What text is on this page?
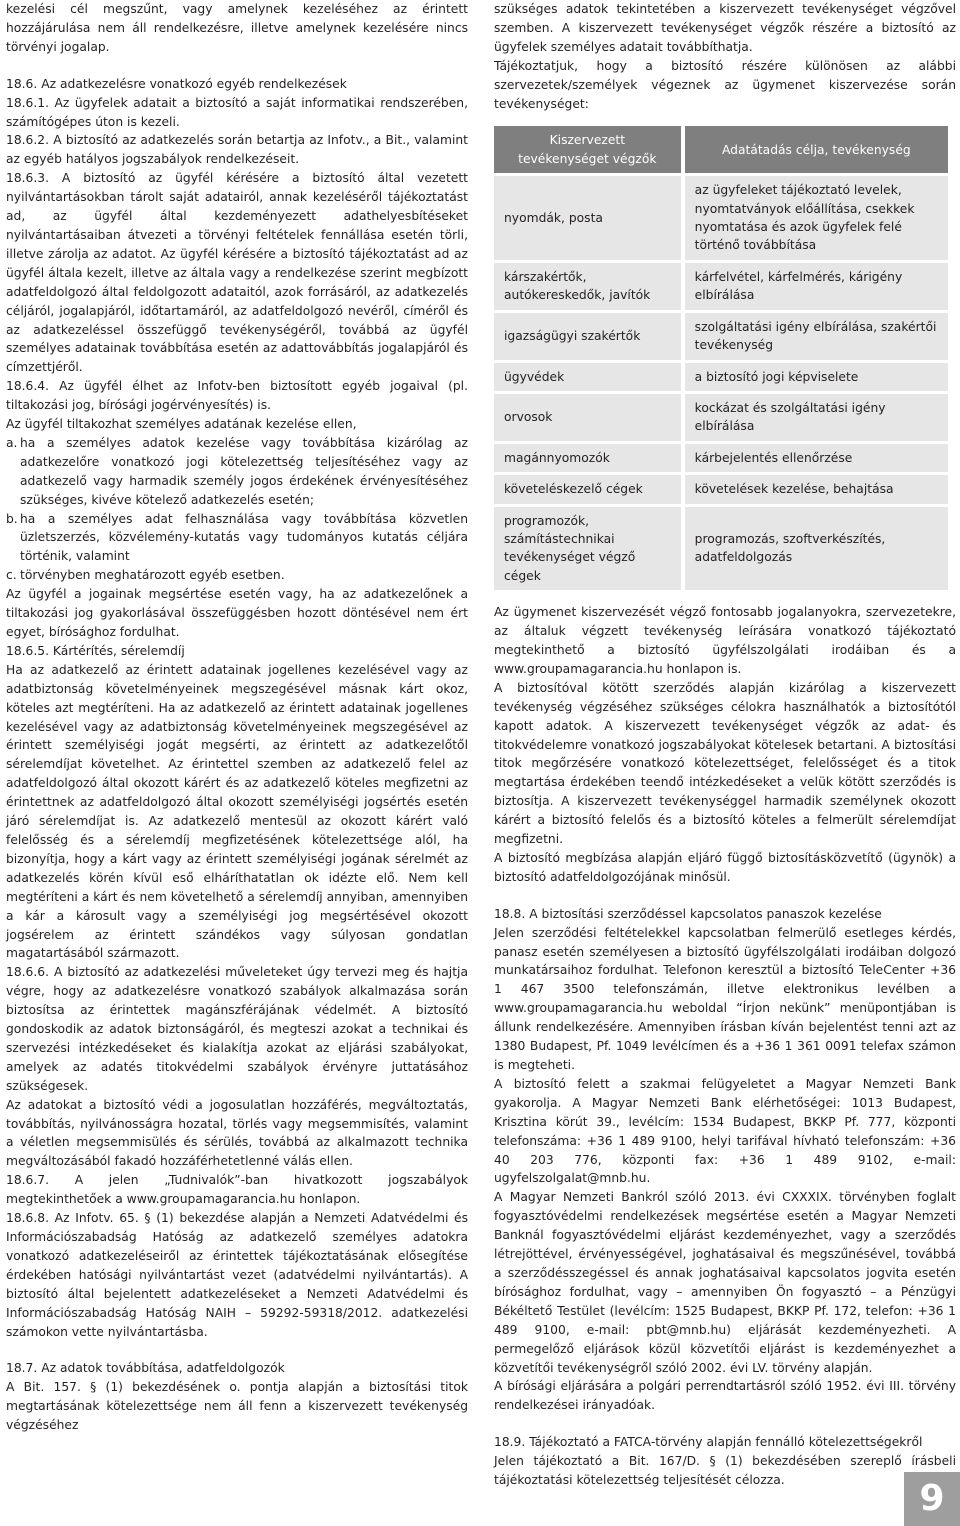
kezelési cél megszűnt, vagy amelynek kezeléséhez az érintett hozzájárulása nem áll rendelkezésre, illetve amelynek kezelésére nincs törvényi jogalap.

18.6. Az adatkezelésre vonatkozó egyéb rendelkezések

18.6.1. Az ügyfelek adatait a biztosító a saját informatikai rendszerében, számítógépes úton is kezeli.

18.6.2. A biztosító az adatkezelés során betartja az Infotv., a Bit., valamint az egyéb hatályos jogszabályok rendelkezéseit.

18.6.3. A biztosító az ügyfél kérésére a biztosító által vezetett nyilvántartásokban tárolt saját adatairól, annak kezeléséről tájékoztatást ad, az ügyfél által kezdeményezett adathelyesbítéseket nyilvántartásaiban átvezeti a törvényi feltételek fennállása esetén törli, illetve zárolja az adatot. Az ügyfél kérésére a biztosító tájékoztatást ad az ügyfél általa kezelt, illetve az általa vagy a rendelkezése szerint megbízott adatfeldolgozó által feldolgozott adataitól, azok forrásáról, az adatkezelés céljáról, jogalapjáról, időtartamáról, az adatfeldolgozó nevéről, címéről és az adatkezeléssel összefüggő tevékenységéről, továbbá az ügyfél személyes adatainak továbbítása esetén az adattovábbítás jogalapjáról és címzettjéről.

18.6.4. Az ügyfél élhet az Infotv-ben biztosított egyéb jogaival (pl. tiltakozási jog, bírósági jogérvényesítés) is.

Az ügyfél tiltakozhat személyes adatának kezelése ellen,

a. ha a személyes adatok kezelése vagy továbbítása kizárólag az adatkezelőre vonatkozó jogi kötelezettség teljesítéséhez vagy az adatkezelő vagy harmadik személy jogos érdekének érvényesítéséhez szükséges, kivéve kötelező adatkezelés esetén;
b. ha a személyes adat felhasználása vagy továbbítása közvetlen üzletszerzés, közvélemény-kutatás vagy tudományos kutatás céljára történik, valamint
c. törvényben meghatározott egyéb esetben.

Az ügyfél a jogainak megsértése esetén vagy, ha az adatkezelőnek a tiltakozási jog gyakorlásával összefüggésben hozott döntésével nem ért egyet, bírósághoz fordulhat.

18.6.5. Kártérítés, sérelemdíj

Ha az adatkezelő az érintett adatainak jogellenes kezelésével vagy az adatbiztonság követelményeinek megszegésével másnak kárt okoz, köteles azt megtéríteni. Ha az adatkezelő az érintett adatainak jogellenes kezelésével vagy az adatbiztonság követelményeinek megszegésével az érintett személyiségi jogát megsérti, az érintett az adatkezelőtől sérelemdíjat követelhet. Az érintettel szemben az adatkezelő felel az adatfeldolgozó által okozott kárért és az adatkezelő köteles megfizetni az érintettnek az adatfeldolgozó által okozott személyiségi jogsértés esetén járó sérelemdíjat is. Az adatkezelő mentesül az okozott kárért való felelősség és a sérelemdíj megfizetésének kötelezettsége alól, ha bizonyítja, hogy a kárt vagy az érintett személyiségi jogának sérelmét az adatkezelés körén kívül eső elháríthatatlan ok idézte elő. Nem kell megtéríteni a kárt és nem követelhető a sérelemdíj annyiban, amennyiben a kár a károsult vagy a személyiségi jog megsértésével okozott jogsérelem az érintett szándékos vagy súlyosan gondatlan magatartásából származott.

18.6.6. A biztosító az adatkezelési műveleteket úgy tervezi meg és hajtja végre, hogy az adatkezelésre vonatkozó szabályok alkalmazása során biztosítsa az érintettek magánszférájának védelmét. A biztosító gondoskodik az adatok biztonságáról, és megteszi azokat a technikai és szervezési intézkedéseket és kialakítja azokat az eljárási szabályokat, amelyek az adatés titokvédelmi szabályok érvényre juttatásához szükségesek.

Az adatokat a biztosító védi a jogosulatlan hozzáférés, megváltoztatás, továbbítás, nyilvánosságra hozatal, törlés vagy megsemmisítés, valamint a véletlen megsemmisülés és sérülés, továbbá az alkalmazott technika megváltozásából fakadó hozzáférhetetlenné válás ellen.

18.6.7. A jelen „Tudnivalók”-ban hivatkozott jogszabályok megtekinthetőek a www.groupamagarancia.hu honlapon.

18.6.8. Az Infotv. 65. § (1) bekezdése alapján a Nemzeti Adatvédelmi és Információszabadság Hatóság az adatkezelő személyes adatokra vonatkozó adatkezeléseiről az érintettek tájékoztatásának elősegítése érdekében hatósági nyilvántartást vezet (adatvédelmi nyilvántartás). A biztosító által bejelentett adatkezeléseket a Nemzeti Adatvédelmi és Információszabadság Hatóság NAIH – 59292-59318/2012. adatkezelési számokon vette nyilvántartásba.

18.7. Az adatok továbbítása, adatfeldolgozók

A Bit. 157. § (1) bekezdésének o. pontja alapján a biztosítási titok megtartásának kötelezettsége nem áll fenn a kiszervezett tevékenység végzéséhez

szükséges adatok tekintetében a kiszervezett tevékenységet végzővel szemben. A kiszervezett tevékenységet végzők részére a biztosító az ügyfelek személyes adatait továbbíthatja.

Tájékoztatjuk, hogy a biztosító részére különösen az alábbi szervezetek/személyek végeznek az ügymenet kiszervezése során tevékenységet:

Kiszervezett tevékenységet végzők	Adatátadás célja, tevékenység
nyomdák, posta	az ügyfeleket tájékoztató levelek, nyomtatványok előállítása, csekkek nyomtatása és azok ügyfelek felé történő továbbítása
kárszakértők, autókereskedők, javítók	kárfelvétel, kárfelmérés, kárigény elbírálása
igazságügyi szakértők	szolgáltatási igény elbírálása, szakértői tevékenység
ügyvédek	a biztosító jogi képviselete
orvosok	kockázat és szolgáltatási igény elbírálása
magánnyomozók	kárbejelentés ellenőrzése
követeléskezelő cégek	követelések kezelése, behajtása
programozók, számítástechnikai tevékenységet végző cégek	programozás, szoftverkészítés, adatfeldolgozás

Az ügymenet kiszervezését végző fontosabb jogalanyokra, szervezetekre, az általuk végzett tevékenység leírására vonatkozó tájékoztató megtekinthető a biztosító ügyfélszolgálati irodáiban és a www.groupamagarancia.hu honlapon is.

A biztosítóval kötött szerződés alapján kizárólag a kiszervezett tevékenység végzéséhez szükséges célokra használhatók a biztosítótól kapott adatok. A kiszervezett tevékenységet végzők az adat- és titokvédelemre vonatkozó jogszabályokat kötelesek betartani. A biztosítási titok megőrzésére vonatkozó kötelezettséget, felelősséget és a titok megtartása érdekében teendő intézkedéseket a velük kötött szerződés is biztosítja. A kiszervezett tevékenységgel harmadik személynek okozott kárért a biztosító felelős és a biztosító köteles a felmerült sérelemdíjat megfizetni.

A biztosító megbízása alapján eljáró függő biztosításközvetítő (ügynök) a biztosító adatfeldolgozójának minősül.

18.8. A biztosítási szerződéssel kapcsolatos panaszok kezelése

Jelen szerződési feltételekkel kapcsolatban felmerülő esetleges kérdés, panasz esetén személyesen a biztosító ügyfélszolgálati irodáiban dolgozó munkatársaihoz fordulhat. Telefonon keresztül a biztosító TeleCenter +36 1 467 3500 telefonszámán, illetve elektronikus levélben a www.groupamagarancia.hu weboldal “Írjon nekünk” menüpontjában is állunk rendelkezésére. Amennyiben írásban kíván bejelentést tenni azt az 1380 Budapest, Pf. 1049 levélcímen és a +36 1 361 0091 telefax számon is megteheti.

A biztosító felett a szakmai felügyeletet a Magyar Nemzeti Bank gyakorolja. A Magyar Nemzeti Bank elérhetőségei: 1013 Budapest, Krisztina körút 39., levélcím: 1534 Budapest, BKKP Pf. 777, központi telefonszáma: +36 1 489 9100, helyi tarifával hívható telefonszám: +36 40 203 776, központi fax: +36 1 489 9102, e-mail: ugyfelszolgalat@mnb.hu.

A Magyar Nemzeti Bankról szóló 2013. évi CXXXIX. törvényben foglalt fogyasztóvédelmi rendelkezések megsértése esetén a Magyar Nemzeti Banknál fogyasztóvédelmi eljárást kezdeményezhet, vagy a szerződés létrejöttével, érvényességével, joghatásaival és megszűnésével, továbbá a szerződésszegéssel és annak joghatásaival kapcsolatos jogvita esetén bírósághoz fordulhat, vagy – amennyiben Ön fogyasztó – a Pénzügyi Békéltető Testület (levélcím: 1525 Budapest, BKKP Pf. 172, telefon: +36 1 489 9100, e-mail: pbt@mnb.hu) eljárását kezdeményezheti. A permegelőző eljárások közül közvetítői eljárást is kezdeményezhet a közvetítői tevékenységről szóló 2002. évi LV. törvény alapján.

A bírósági eljárására a polgári perrendtartásról szóló 1952. évi III. törvény rendelkezései irányadóak.

18.9. Tájékoztató a FATCA-törvény alapján fennálló kötelezettségekről

Jelen tájékoztató a Bit. 167/D. § (1) bekezdésében szereplő írásbeli tájékoztatási kötelezettség teljesítését célozza.	9
